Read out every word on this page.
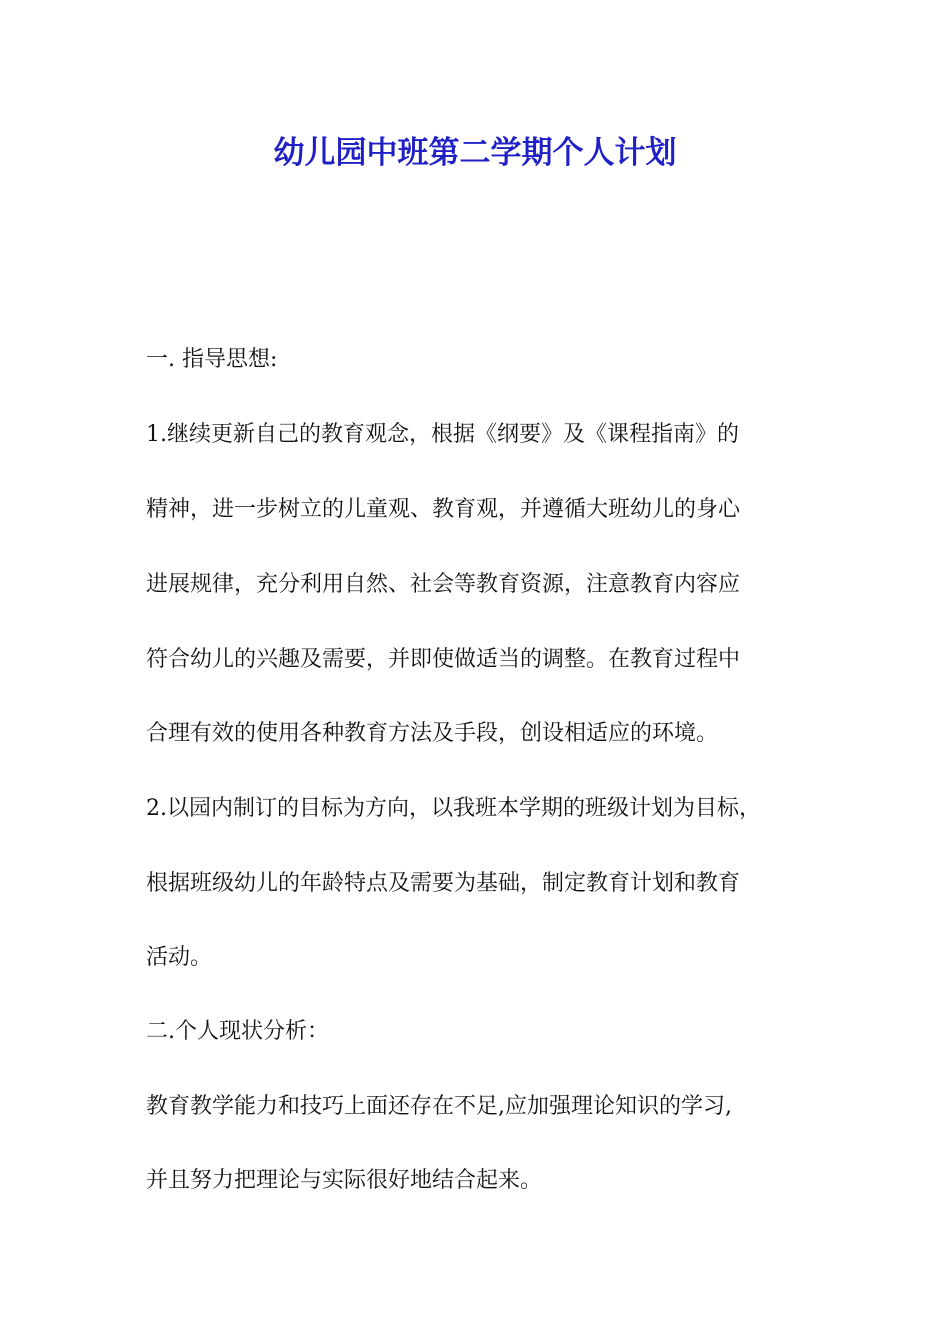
幼儿园中班第二学期个人计划
一. 指导思想:
1.继续更新自己的教育观念，根据《纲要》及《课程指南》的
精神，进一步树立的儿童观、教育观，并遵循大班幼儿的身心
进展规律，充分利用自然、社会等教育资源，注意教育内容应
符合幼儿的兴趣及需要，并即使做适当的调整。在教育过程中
合理有效的使用各种教育方法及手段，创设相适应的环境。
2.以园内制订的目标为方向，以我班本学期的班级计划为目标，
根据班级幼儿的年龄特点及需要为基础，制定教育计划和教育
活动。
二.个人现状分析：
教育教学能力和技巧上面还存在不足,应加强理论知识的学习,
并且努力把理论与实际很好地结合起来。
